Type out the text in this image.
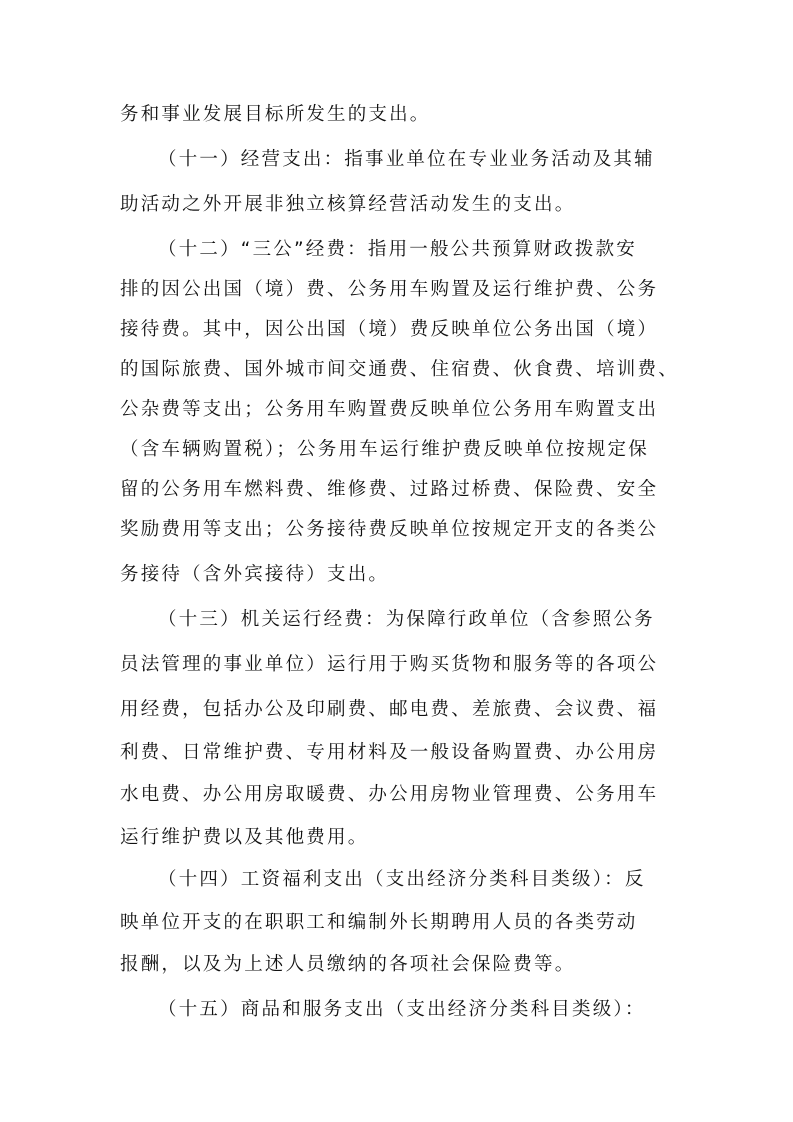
务和事业发展目标所发生的支出。
（十一）经营支出：指事业单位在专业业务活动及其辅
助活动之外开展非独立核算经营活动发生的支出。
（十二）“三公”经费：指用一般公共预算财政拨款安
排的因公出国（境）费、公务用车购置及运行维护费、公务
接待费。其中，因公出国（境）费反映单位公务出国（境）
的国际旅费、国外城市间交通费、住宿费、伙食费、培训费、
公杂费等支出；公务用车购置费反映单位公务用车购置支出
（含车辆购置税）；公务用车运行维护费反映单位按规定保
留的公务用车燃料费、维修费、过路过桥费、保险费、安全
奖励费用等支出；公务接待费反映单位按规定开支的各类公
务接待（含外宾接待）支出。
（十三）机关运行经费：为保障行政单位（含参照公务
员法管理的事业单位）运行用于购买货物和服务等的各项公
用经费，包括办公及印刷费、邮电费、差旅费、会议费、福
利费、日常维护费、专用材料及一般设备购置费、办公用房
水电费、办公用房取暖费、办公用房物业管理费、公务用车
运行维护费以及其他费用。
（十四）工资福利支出（支出经济分类科目类级）：反
映单位开支的在职职工和编制外长期聘用人员的各类劳动
报酬，以及为上述人员缴纳的各项社会保险费等。
（十五）商品和服务支出（支出经济分类科目类级）：
